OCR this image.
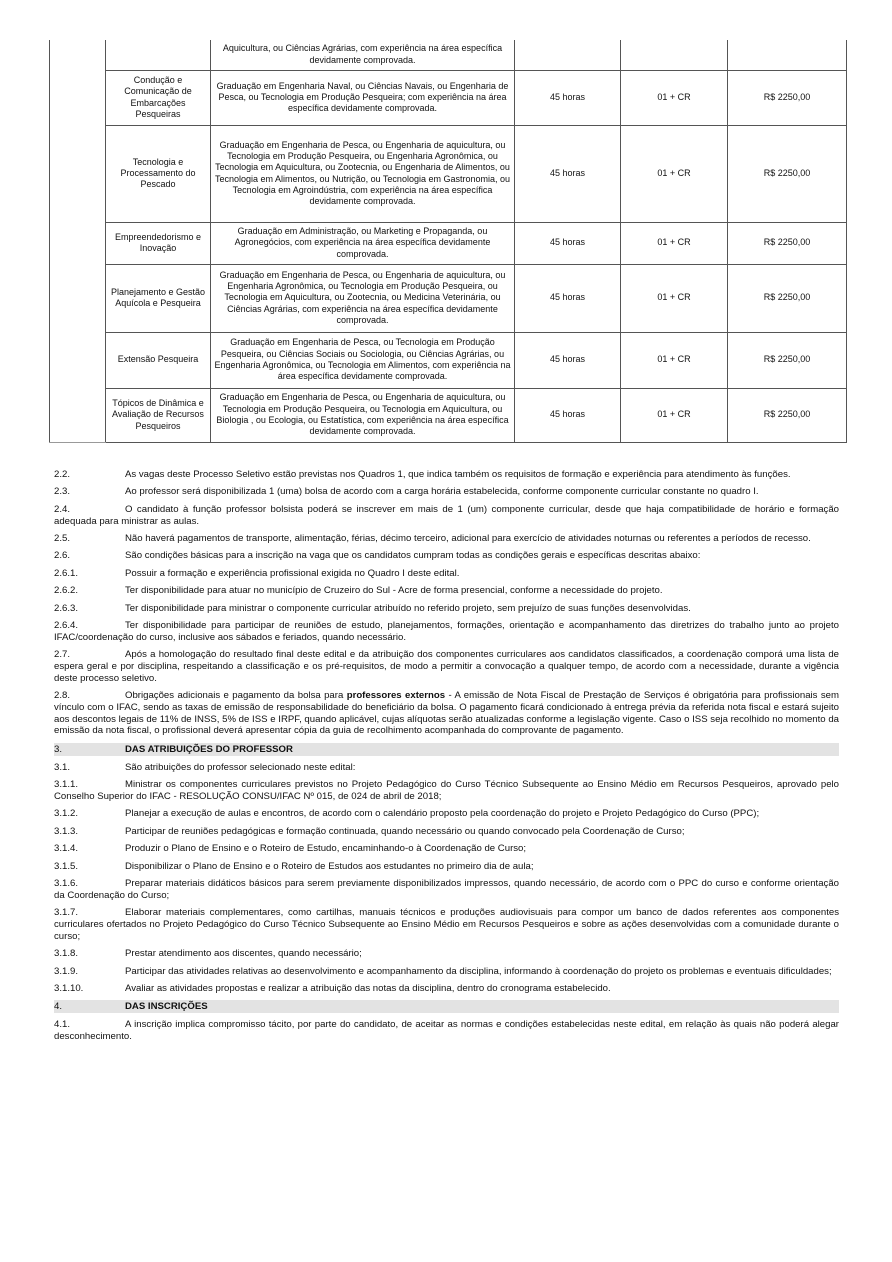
		Aquicultura, ou Ciências Agrárias, com experiência na área específica devidamente comprovada.			
	Condução e Comunicação de Embarcações Pesqueiras	Graduação em Engenharia Naval, ou Ciências Navais, ou Engenharia de Pesca, ou Tecnologia em Produção Pesqueira; com experiência na área específica devidamente comprovada.	45 horas	01 + CR	R$ 2250,00
	Tecnologia e Processamento do Pescado	Graduação em Engenharia de Pesca, ou Engenharia de aquicultura, ou Tecnologia em Produção Pesqueira, ou Engenharia Agronômica, ou Tecnologia em Aquicultura, ou Zootecnia, ou Engenharia de Alimentos, ou Tecnologia em Alimentos, ou Nutrição, ou Tecnologia em Gastronomia, ou Tecnologia em Agroindústria, com experiência na área específica devidamente comprovada.	45 horas	01 + CR	R$ 2250,00
	Empreendedorismo e Inovação	Graduação em Administração, ou Marketing e Propaganda, ou Agronegócios, com experiência na área específica devidamente comprovada.	45 horas	01 + CR	R$ 2250,00
	Planejamento e Gestão Aquícola e Pesqueira	Graduação em Engenharia de Pesca, ou Engenharia de aquicultura, ou Engenharia Agronômica, ou Tecnologia em Produção Pesqueira, ou Tecnologia em Aquicultura, ou Zootecnia, ou Medicina Veterinária, ou Ciências Agrárias, com experiência na área específica devidamente comprovada.	45 horas	01 + CR	R$ 2250,00
	Extensão Pesqueira	Graduação em Engenharia de Pesca, ou Tecnologia em Produção Pesqueira, ou Ciências Sociais ou Sociologia, ou Ciências Agrárias, ou Engenharia Agronômica, ou Tecnologia em Alimentos, com experiência na área específica devidamente comprovada.	45 horas	01 + CR	R$ 2250,00
	Tópicos de Dinâmica e Avaliação de Recursos Pesqueiros	Graduação em Engenharia de Pesca, ou Engenharia de aquicultura, ou Tecnologia em Produção Pesqueira, ou Tecnologia em Aquicultura, ou Biologia , ou Ecologia, ou Estatística, com experiência na área específica devidamente comprovada.	45 horas	01 + CR	R$ 2250,00
2.2.	As vagas deste Processo Seletivo estão previstas nos Quadros 1, que indica também os requisitos de formação e experiência para atendimento às funções.
2.3.	Ao professor será disponibilizada 1 (uma) bolsa de acordo com a carga horária estabelecida, conforme componente curricular constante no quadro I.
2.4.	O candidato à função professor bolsista poderá se inscrever em mais de 1 (um) componente curricular, desde que haja compatibilidade de horário e formação adequada para ministrar as aulas.
2.5.	Não haverá pagamentos de transporte, alimentação, férias, décimo terceiro, adicional para exercício de atividades noturnas ou referentes a períodos de recesso.
2.6.	São condições básicas para a inscrição na vaga que os candidatos cumpram todas as condições gerais e específicas descritas abaixo:
2.6.1.	Possuir a formação e experiência profissional exigida no Quadro I deste edital.
2.6.2.	Ter disponibilidade para atuar no município de Cruzeiro do Sul - Acre de forma presencial, conforme a necessidade do projeto.
2.6.3.	Ter disponibilidade para ministrar o componente curricular atribuído no referido projeto, sem prejuízo de suas funções desenvolvidas.
2.6.4.	Ter disponibilidade para participar de reuniões de estudo, planejamentos, formações, orientação e acompanhamento das diretrizes do trabalho junto ao projeto IFAC/coordenação do curso, inclusive aos sábados e feriados, quando necessário.
2.7.	Após a homologação do resultado final deste edital e da atribuição dos componentes curriculares aos candidatos classificados, a coordenação comporá uma lista de espera geral e por disciplina, respeitando a classificação e os pré-requisitos, de modo a permitir a convocação a qualquer tempo, de acordo com a necessidade, durante a vigência deste processo seletivo.
2.8.	Obrigações adicionais e pagamento da bolsa para professores externos - A emissão de Nota Fiscal de Prestação de Serviços é obrigatória para profissionais sem vínculo com o IFAC, sendo as taxas de emissão de responsabilidade do beneficiário da bolsa. O pagamento ficará condicionado à entrega prévia da referida nota fiscal e estará sujeito aos descontos legais de 11% de INSS, 5% de ISS e IRPF, quando aplicável, cujas alíquotas serão atualizadas conforme a legislação vigente. Caso o ISS seja recolhido no momento da emissão da nota fiscal, o profissional deverá apresentar cópia da guia de recolhimento acompanhada do comprovante de pagamento.
3.	DAS ATRIBUIÇÕES DO PROFESSOR
3.1.	São atribuições do professor selecionado neste edital:
3.1.1.	Ministrar os componentes curriculares previstos no Projeto Pedagógico do Curso Técnico Subsequente ao Ensino Médio em Recursos Pesqueiros, aprovado pelo Conselho Superior do IFAC - RESOLUÇÃO CONSU/IFAC Nº 015, de 024 de abril de 2018;
3.1.2.	Planejar a execução de aulas e encontros, de acordo com o calendário proposto pela coordenação do projeto e Projeto Pedagógico do Curso (PPC);
3.1.3.	Participar de reuniões pedagógicas e formação continuada, quando necessário ou quando convocado pela Coordenação de Curso;
3.1.4.	Produzir o Plano de Ensino e o Roteiro de Estudo, encaminhando-o à Coordenação de Curso;
3.1.5.	Disponibilizar o Plano de Ensino e o Roteiro de Estudos aos estudantes no primeiro dia de aula;
3.1.6.	Preparar materiais didáticos básicos para serem previamente disponibilizados impressos, quando necessário, de acordo com o PPC do curso e conforme orientação da Coordenação do Curso;
3.1.7.	Elaborar materiais complementares, como cartilhas, manuais técnicos e produções audiovisuais para compor um banco de dados referentes aos componentes curriculares ofertados no Projeto Pedagógico do Curso Técnico Subsequente ao Ensino Médio em Recursos Pesqueiros e sobre as ações desenvolvidas com a comunidade durante o curso;
3.1.8.	Prestar atendimento aos discentes, quando necessário;
3.1.9.	Participar das atividades relativas ao desenvolvimento e acompanhamento da disciplina, informando à coordenação do projeto os problemas e eventuais dificuldades;
3.1.10.	Avaliar as atividades propostas e realizar a atribuição das notas da disciplina, dentro do cronograma estabelecido.
4.	DAS INSCRIÇÕES
4.1.	A inscrição implica compromisso tácito, por parte do candidato, de aceitar as normas e condições estabelecidas neste edital, em relação às quais não poderá alegar desconhecimento.
